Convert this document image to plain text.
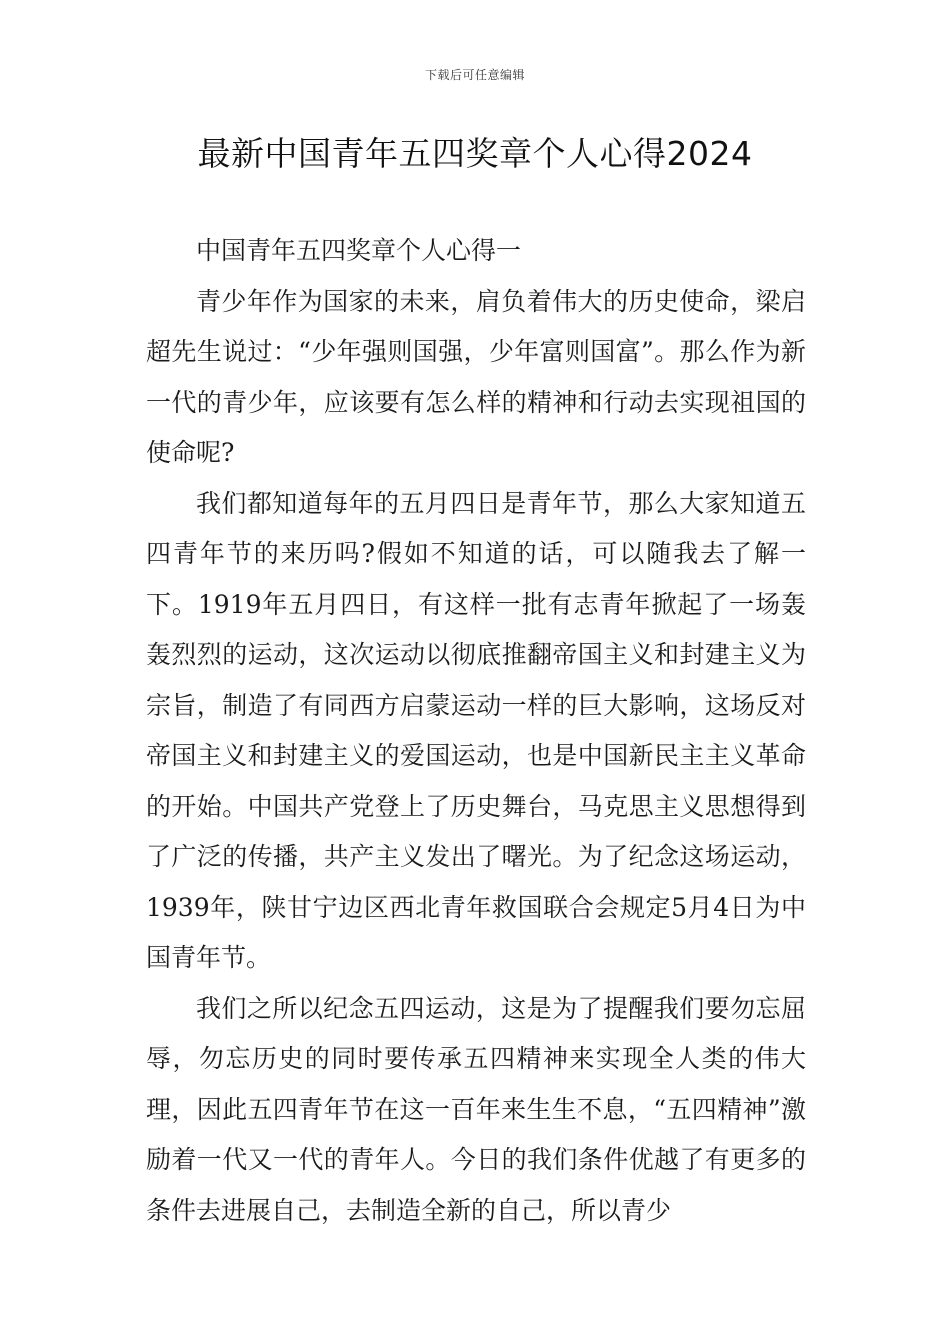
下载后可任意编辑
最新中国青年五四奖章个人心得2024

中国青年五四奖章个人心得一

青少年作为国家的未来，肩负着伟大的历史使命，梁启超先生说过：“少年强则国强，少年富则国富”。那么作为新一代的青少年，应该要有怎么样的精神和行动去实现祖国的使命呢?

我们都知道每年的五月四日是青年节，那么大家知道五四青年节的来历吗?假如不知道的话，可以随我去了解一下。1919年五月四日，有这样一批有志青年掀起了一场轰轰烈烈的运动，这次运动以彻底推翻帝国主义和封建主义为宗旨，制造了有同西方启蒙运动一样的巨大影响，这场反对帝国主义和封建主义的爱国运动，也是中国新民主主义革命的开始。中国共产党登上了历史舞台，马克思主义思想得到了广泛的传播，共产主义发出了曙光。为了纪念这场运动，1939年，陕甘宁边区西北青年救国联合会规定5月4日为中国青年节。

我们之所以纪念五四运动，这是为了提醒我们要勿忘屈辱，勿忘历史的同时要传承五四精神来实现全人类的伟大理，因此五四青年节在这一百年来生生不息，“五四精神”激励着一代又一代的青年人。今日的我们条件优越了有更多的条件去进展自己，去制造全新的自己，所以青少
